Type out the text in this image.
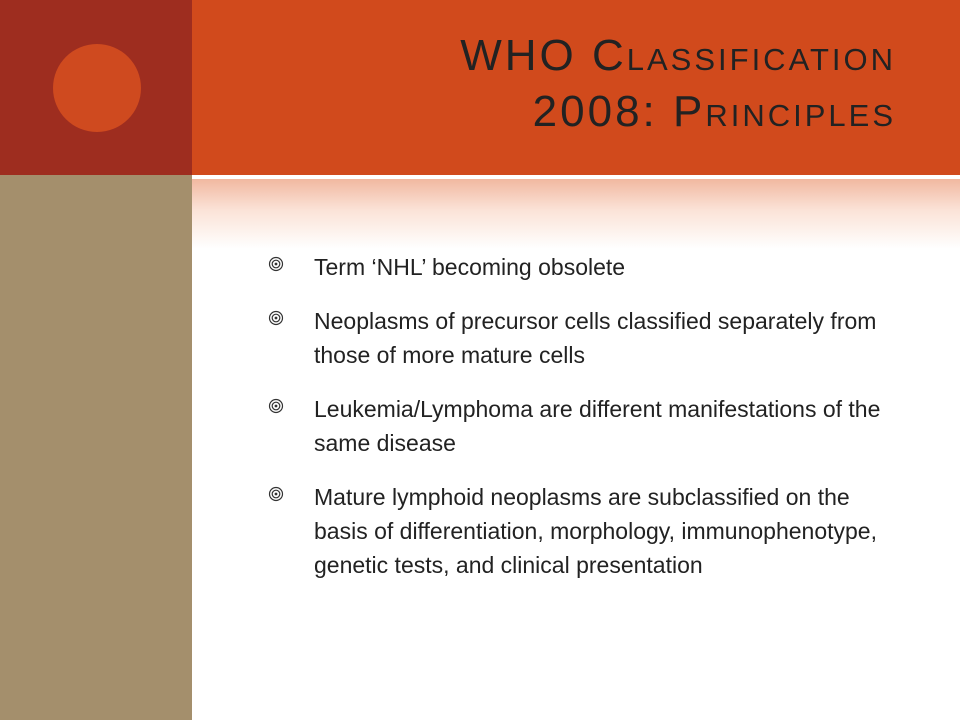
WHO Classification
2008: Principles
Term ‘NHL’ becoming obsolete
Neoplasms of precursor cells classified separately from those of more mature cells
Leukemia/Lymphoma are different manifestations of the same disease
Mature lymphoid neoplasms are subclassified on the basis of differentiation, morphology, immunophenotype, genetic tests, and clinical presentation
